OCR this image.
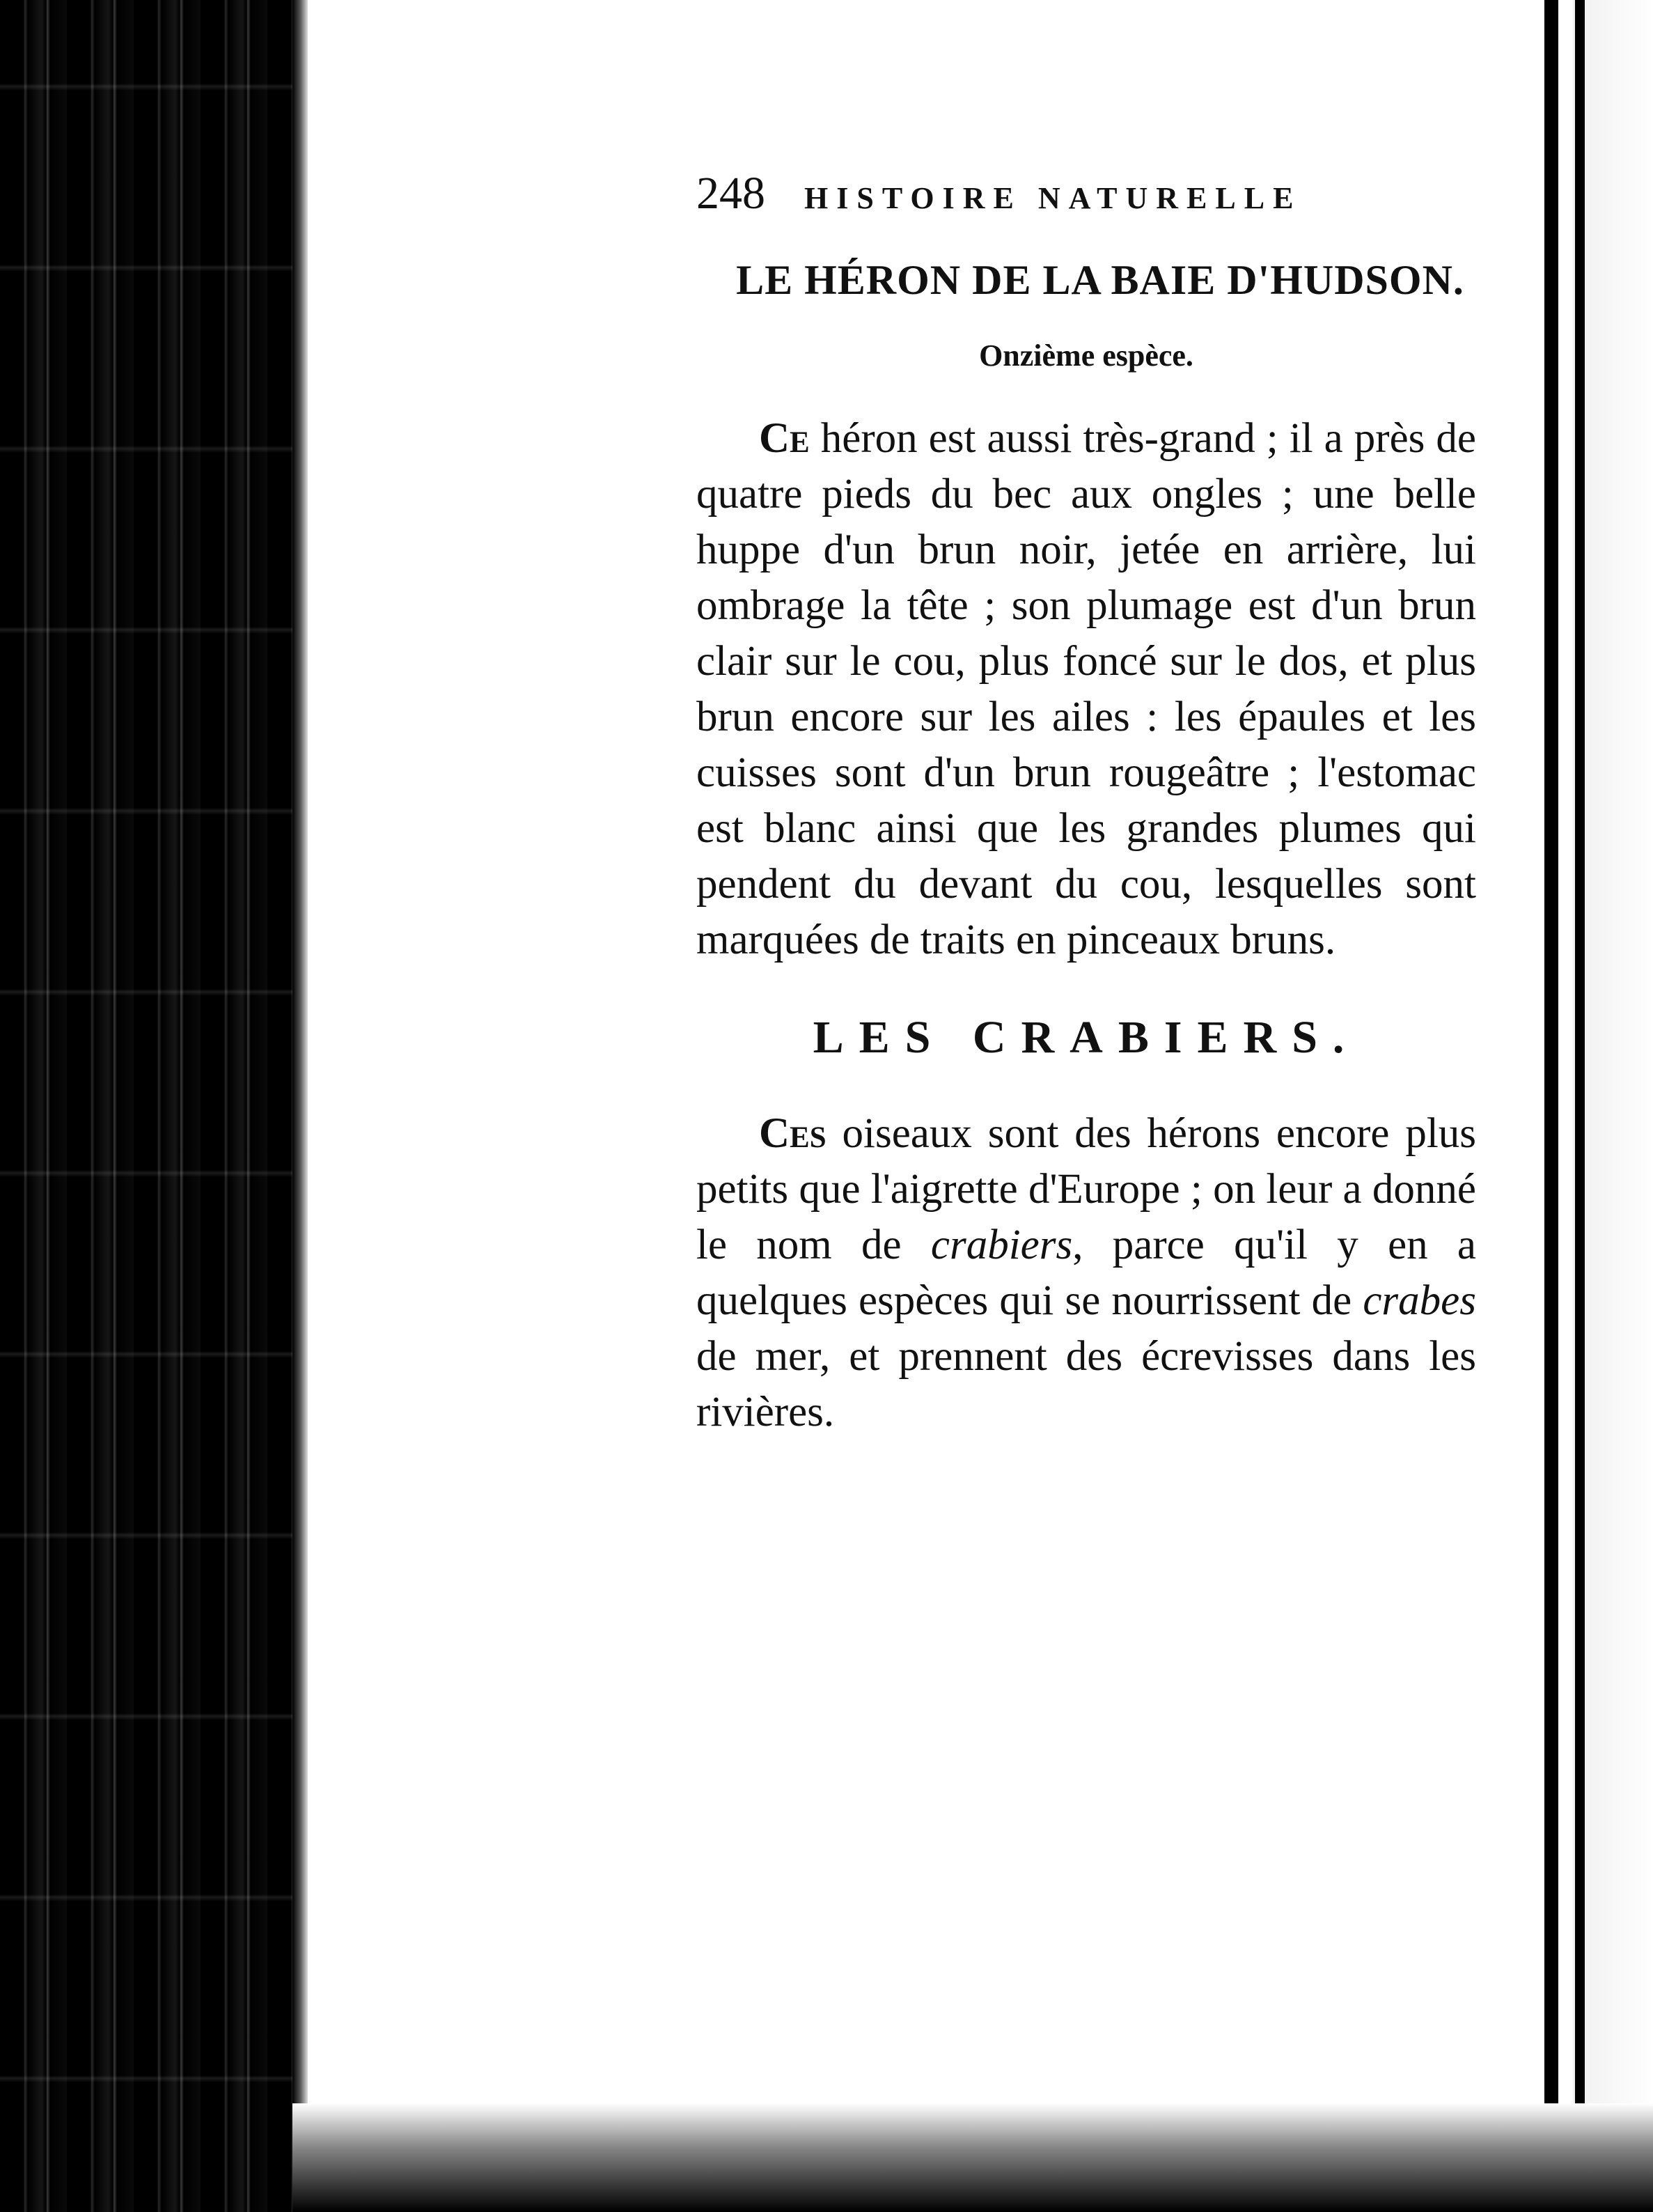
248 HISTOIRE NATURELLE
LE HÉRON DE LA BAIE D'HUDSON.
Onzième espèce.

Ce héron est aussi très-grand ; il a près de quatre pieds du bec aux ongles ; une belle huppe d'un brun noir, jetée en arrière, lui ombrage la tête ; son plumage est d'un brun clair sur le cou, plus foncé sur le dos, et plus brun encore sur les ailes : les épaules et les cuisses sont d'un brun rougeâtre ; l'estomac est blanc ainsi que les grandes plumes qui pendent du devant du cou, lesquelles sont marquées de traits en pinceaux bruns.

LES CRABIERS.

Ces oiseaux sont des hérons encore plus petits que l'aigrette d'Europe ; on leur a donné le nom de crabiers, parce qu'il y en a quelques espèces qui se nourrissent de crabes de mer, et prennent des écrevisses dans les rivières.
